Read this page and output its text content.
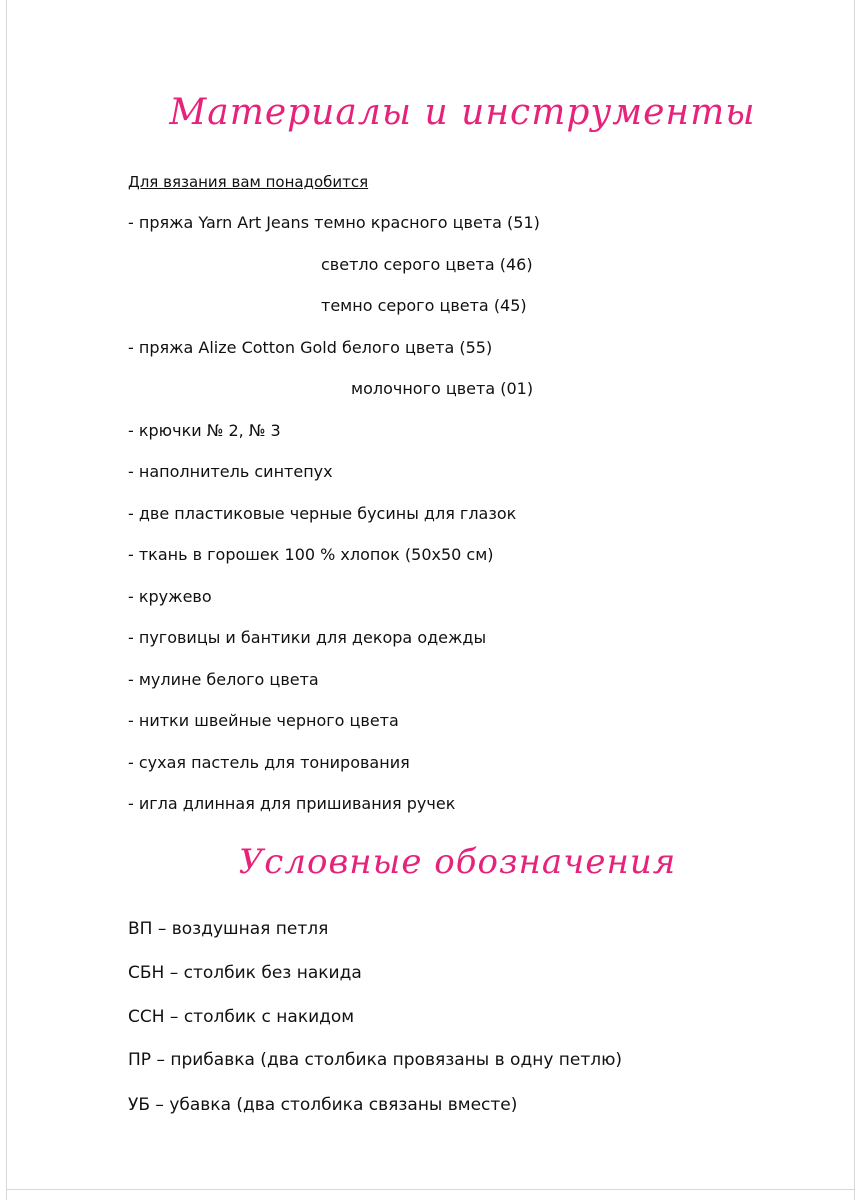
Материалы и инструменты
Для вязания вам понадобится
- пряжа Yarn Art Jeans темно красного цвета (51)
светло серого цвета (46)
темно серого цвета (45)
- пряжа Alize Cotton Gold белого цвета (55)
молочного цвета (01)
- крючки № 2, № 3
- наполнитель синтепух
- две пластиковые черные бусины для глазок
- ткань в горошек 100 % хлопок (50х50 см)
- кружево
- пуговицы и бантики для декора одежды
- мулине белого цвета
- нитки швейные черного цвета
- сухая пастель для тонирования
- игла длинная для пришивания ручек
Условные обозначения
ВП – воздушная петля
СБН – столбик без накида
ССН – столбик с накидом
ПР – прибавка (два столбика провязаны в одну петлю)
УБ – убавка (два столбика связаны вместе)
